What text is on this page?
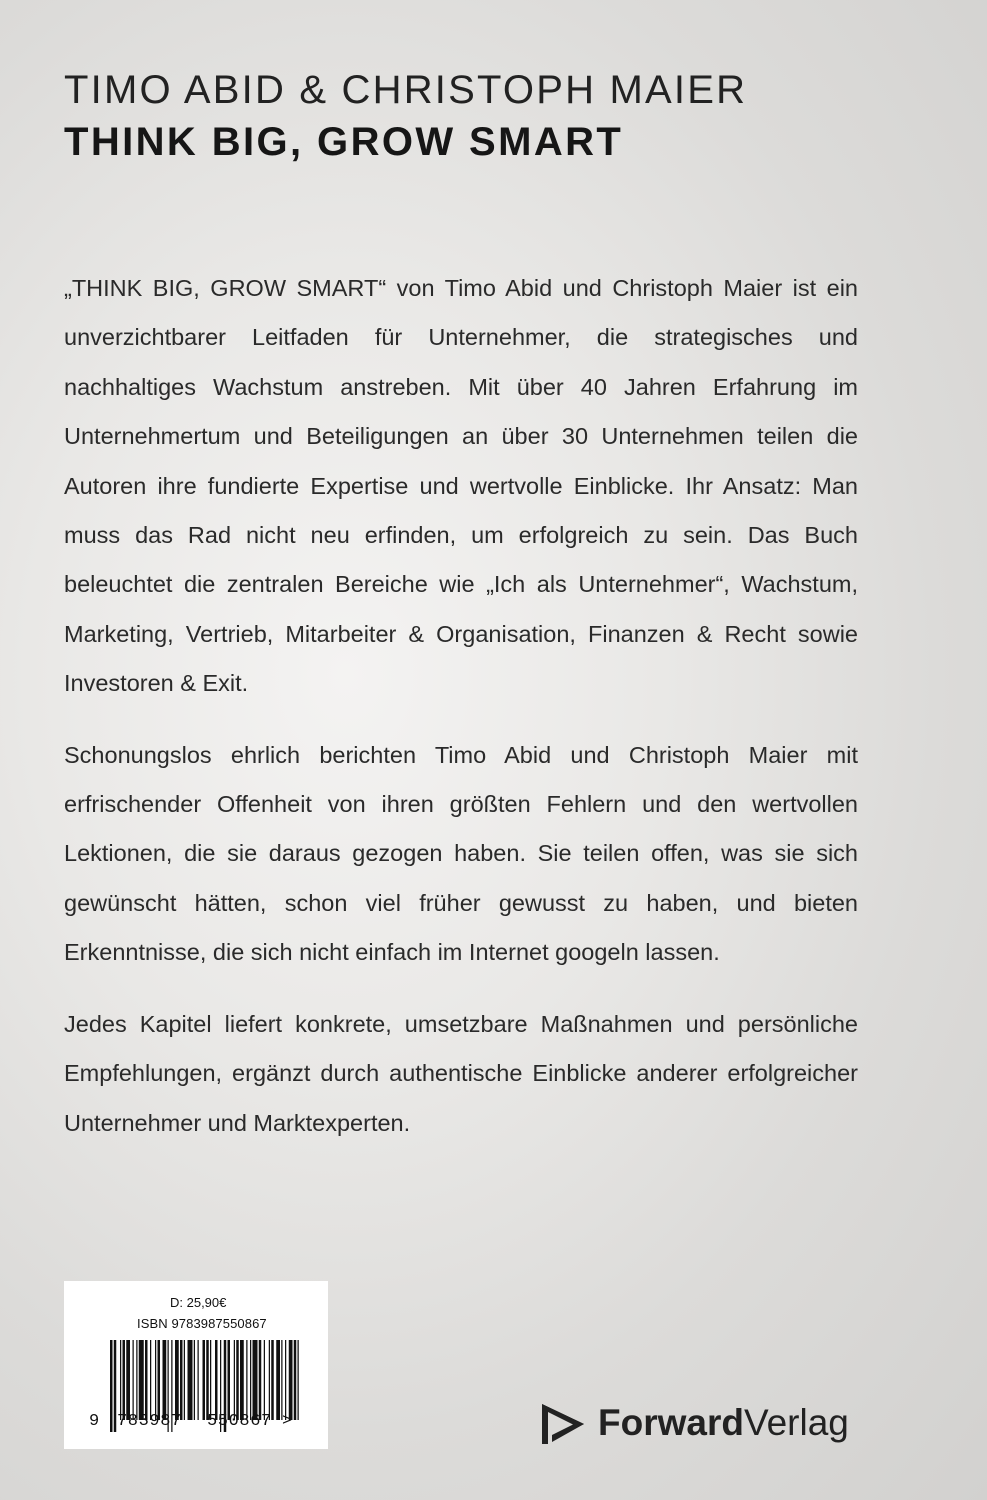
TIMO ABID & CHRISTOPH MAIER
THINK BIG, GROW SMART

„THINK BIG, GROW SMART“ von Timo Abid und Christoph Maier ist ein unverzichtbarer Leitfaden für Unternehmer, die strategisches und nachhaltiges Wachstum anstreben. Mit über 40 Jahren Erfahrung im Unternehmertum und Beteiligungen an über 30 Unternehmen teilen die Autoren ihre fundierte Expertise und wertvolle Einblicke. Ihr Ansatz: Man muss das Rad nicht neu erfinden, um erfolgreich zu sein. Das Buch beleuchtet die zentralen Bereiche wie „Ich als Unternehmer“, Wachstum, Marketing, Vertrieb, Mitarbeiter & Organisation, Finanzen & Recht sowie Investoren & Exit.

Schonungslos ehrlich berichten Timo Abid und Christoph Maier mit erfrischender Offenheit von ihren größten Fehlern und den wertvollen Lektionen, die sie daraus gezogen haben. Sie teilen offen, was sie sich gewünscht hätten, schon viel früher gewusst zu haben, und bieten Erkenntnisse, die sich nicht einfach im Internet googeln lassen.

Jedes Kapitel liefert konkrete, umsetzbare Maßnahmen und persönliche Empfehlungen, ergänzt durch authentische Einblicke anderer erfolgreicher Unternehmer und Marktexperten.

D: 25,90€
ISBN 9783987550867
9 783987 550867 >	ForwardVerlag
